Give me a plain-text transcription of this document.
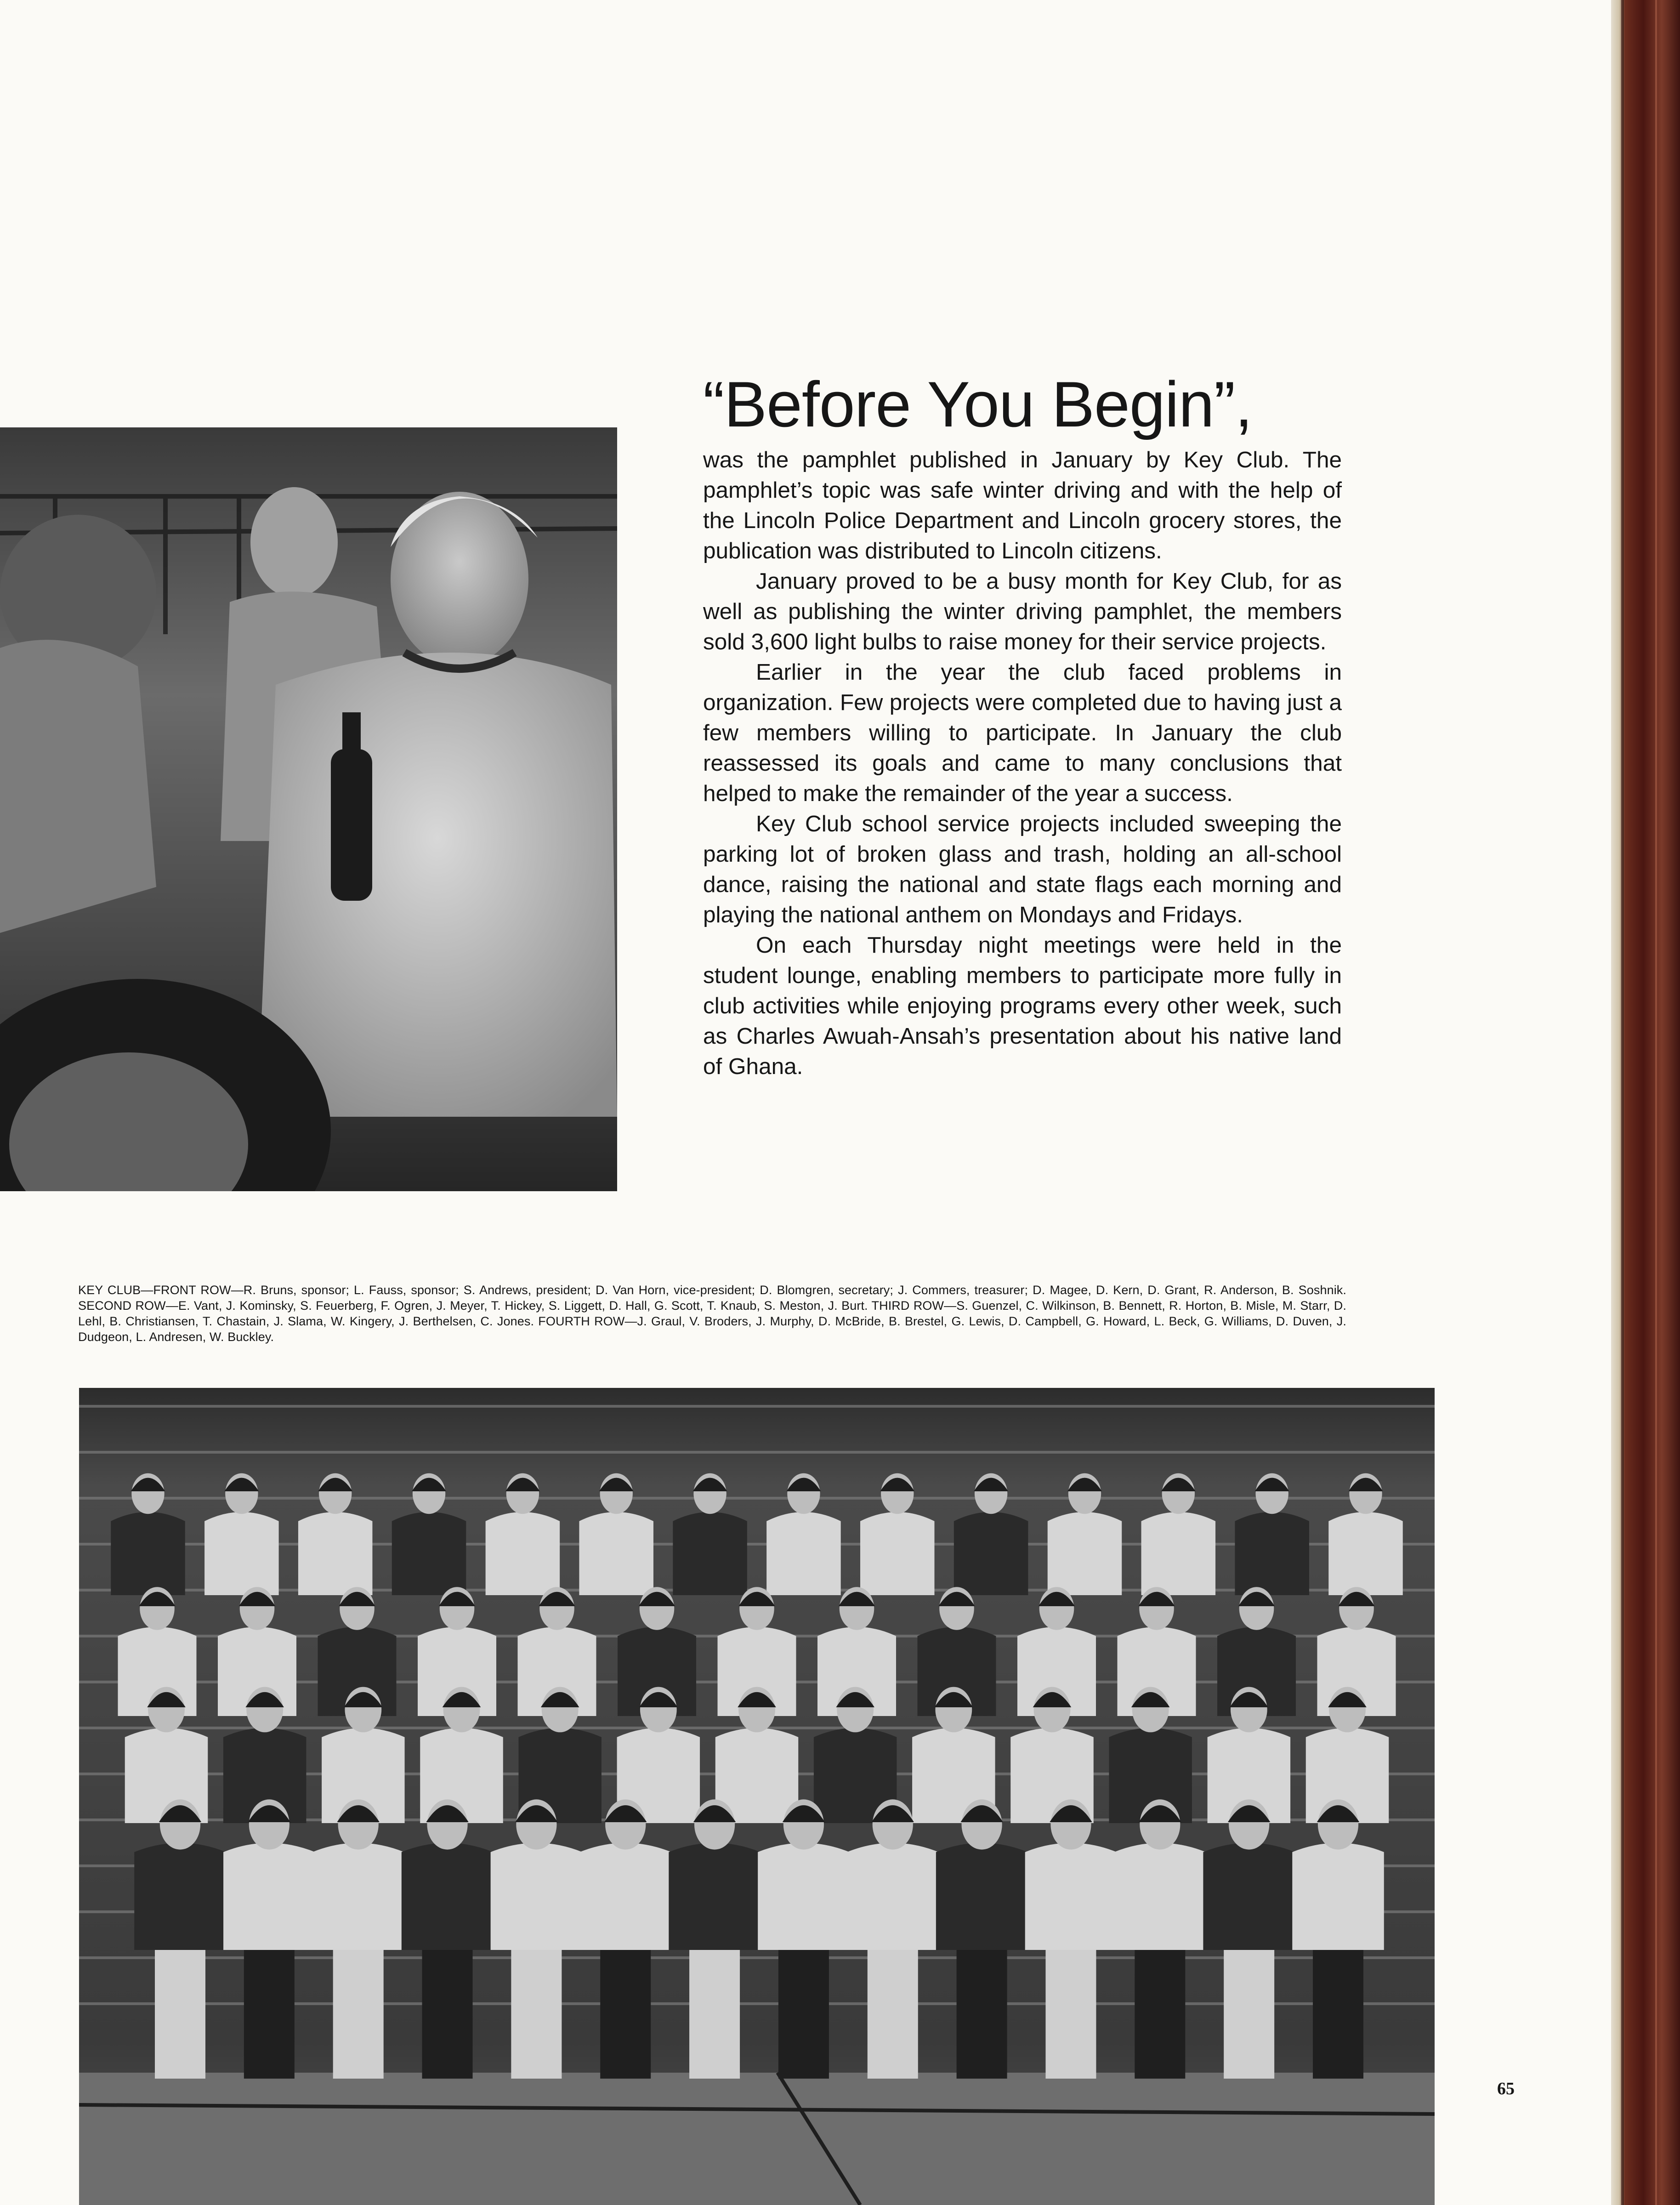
“Before You Begin”,

was the pamphlet published in January by Key Club. The pamphlet’s topic was safe winter driving and with the help of the Lincoln Police Department and Lincoln grocery stores, the publication was distributed to Lincoln citizens.

January proved to be a busy month for Key Club, for as well as publishing the winter driving pamphlet, the members sold 3,600 light bulbs to raise money for their service projects.

Earlier in the year the club faced problems in organization. Few projects were completed due to having just a few members willing to participate. In January the club reassessed its goals and came to many conclusions that helped to make the remainder of the year a success.

Key Club school service projects included sweeping the parking lot of broken glass and trash, holding an all-school dance, raising the national and state flags each morning and playing the national anthem on Mondays and Fridays.

On each Thursday night meetings were held in the student lounge, enabling members to participate more fully in club activities while enjoying programs every other week, such as Charles Awuah-Ansah’s presentation about his native land of Ghana.

KEY CLUB—FRONT ROW—R. Bruns, sponsor; L. Fauss, sponsor; S. Andrews, president; D. Van Horn, vice-president; D. Blomgren, secretary; J. Commers, treasurer; D. Magee, D. Kern, D. Grant, R. Anderson, B. Soshnik. SECOND ROW—E. Vant, J. Kominsky, S. Feuerberg, F. Ogren, J. Meyer, T. Hickey, S. Liggett, D. Hall, G. Scott, T. Knaub, S. Meston, J. Burt. THIRD ROW—S. Guenzel, C. Wilkinson, B. Bennett, R. Horton, B. Misle, M. Starr, D. Lehl, B. Christiansen, T. Chastain, J. Slama, W. Kingery, J. Berthelsen, C. Jones. FOURTH ROW—J. Graul, V. Broders, J. Murphy, D. McBride, B. Brestel, G. Lewis, D. Campbell, G. Howard, L. Beck, G. Williams, D. Duven, J. Dudgeon, L. Andresen, W. Buckley.
65
